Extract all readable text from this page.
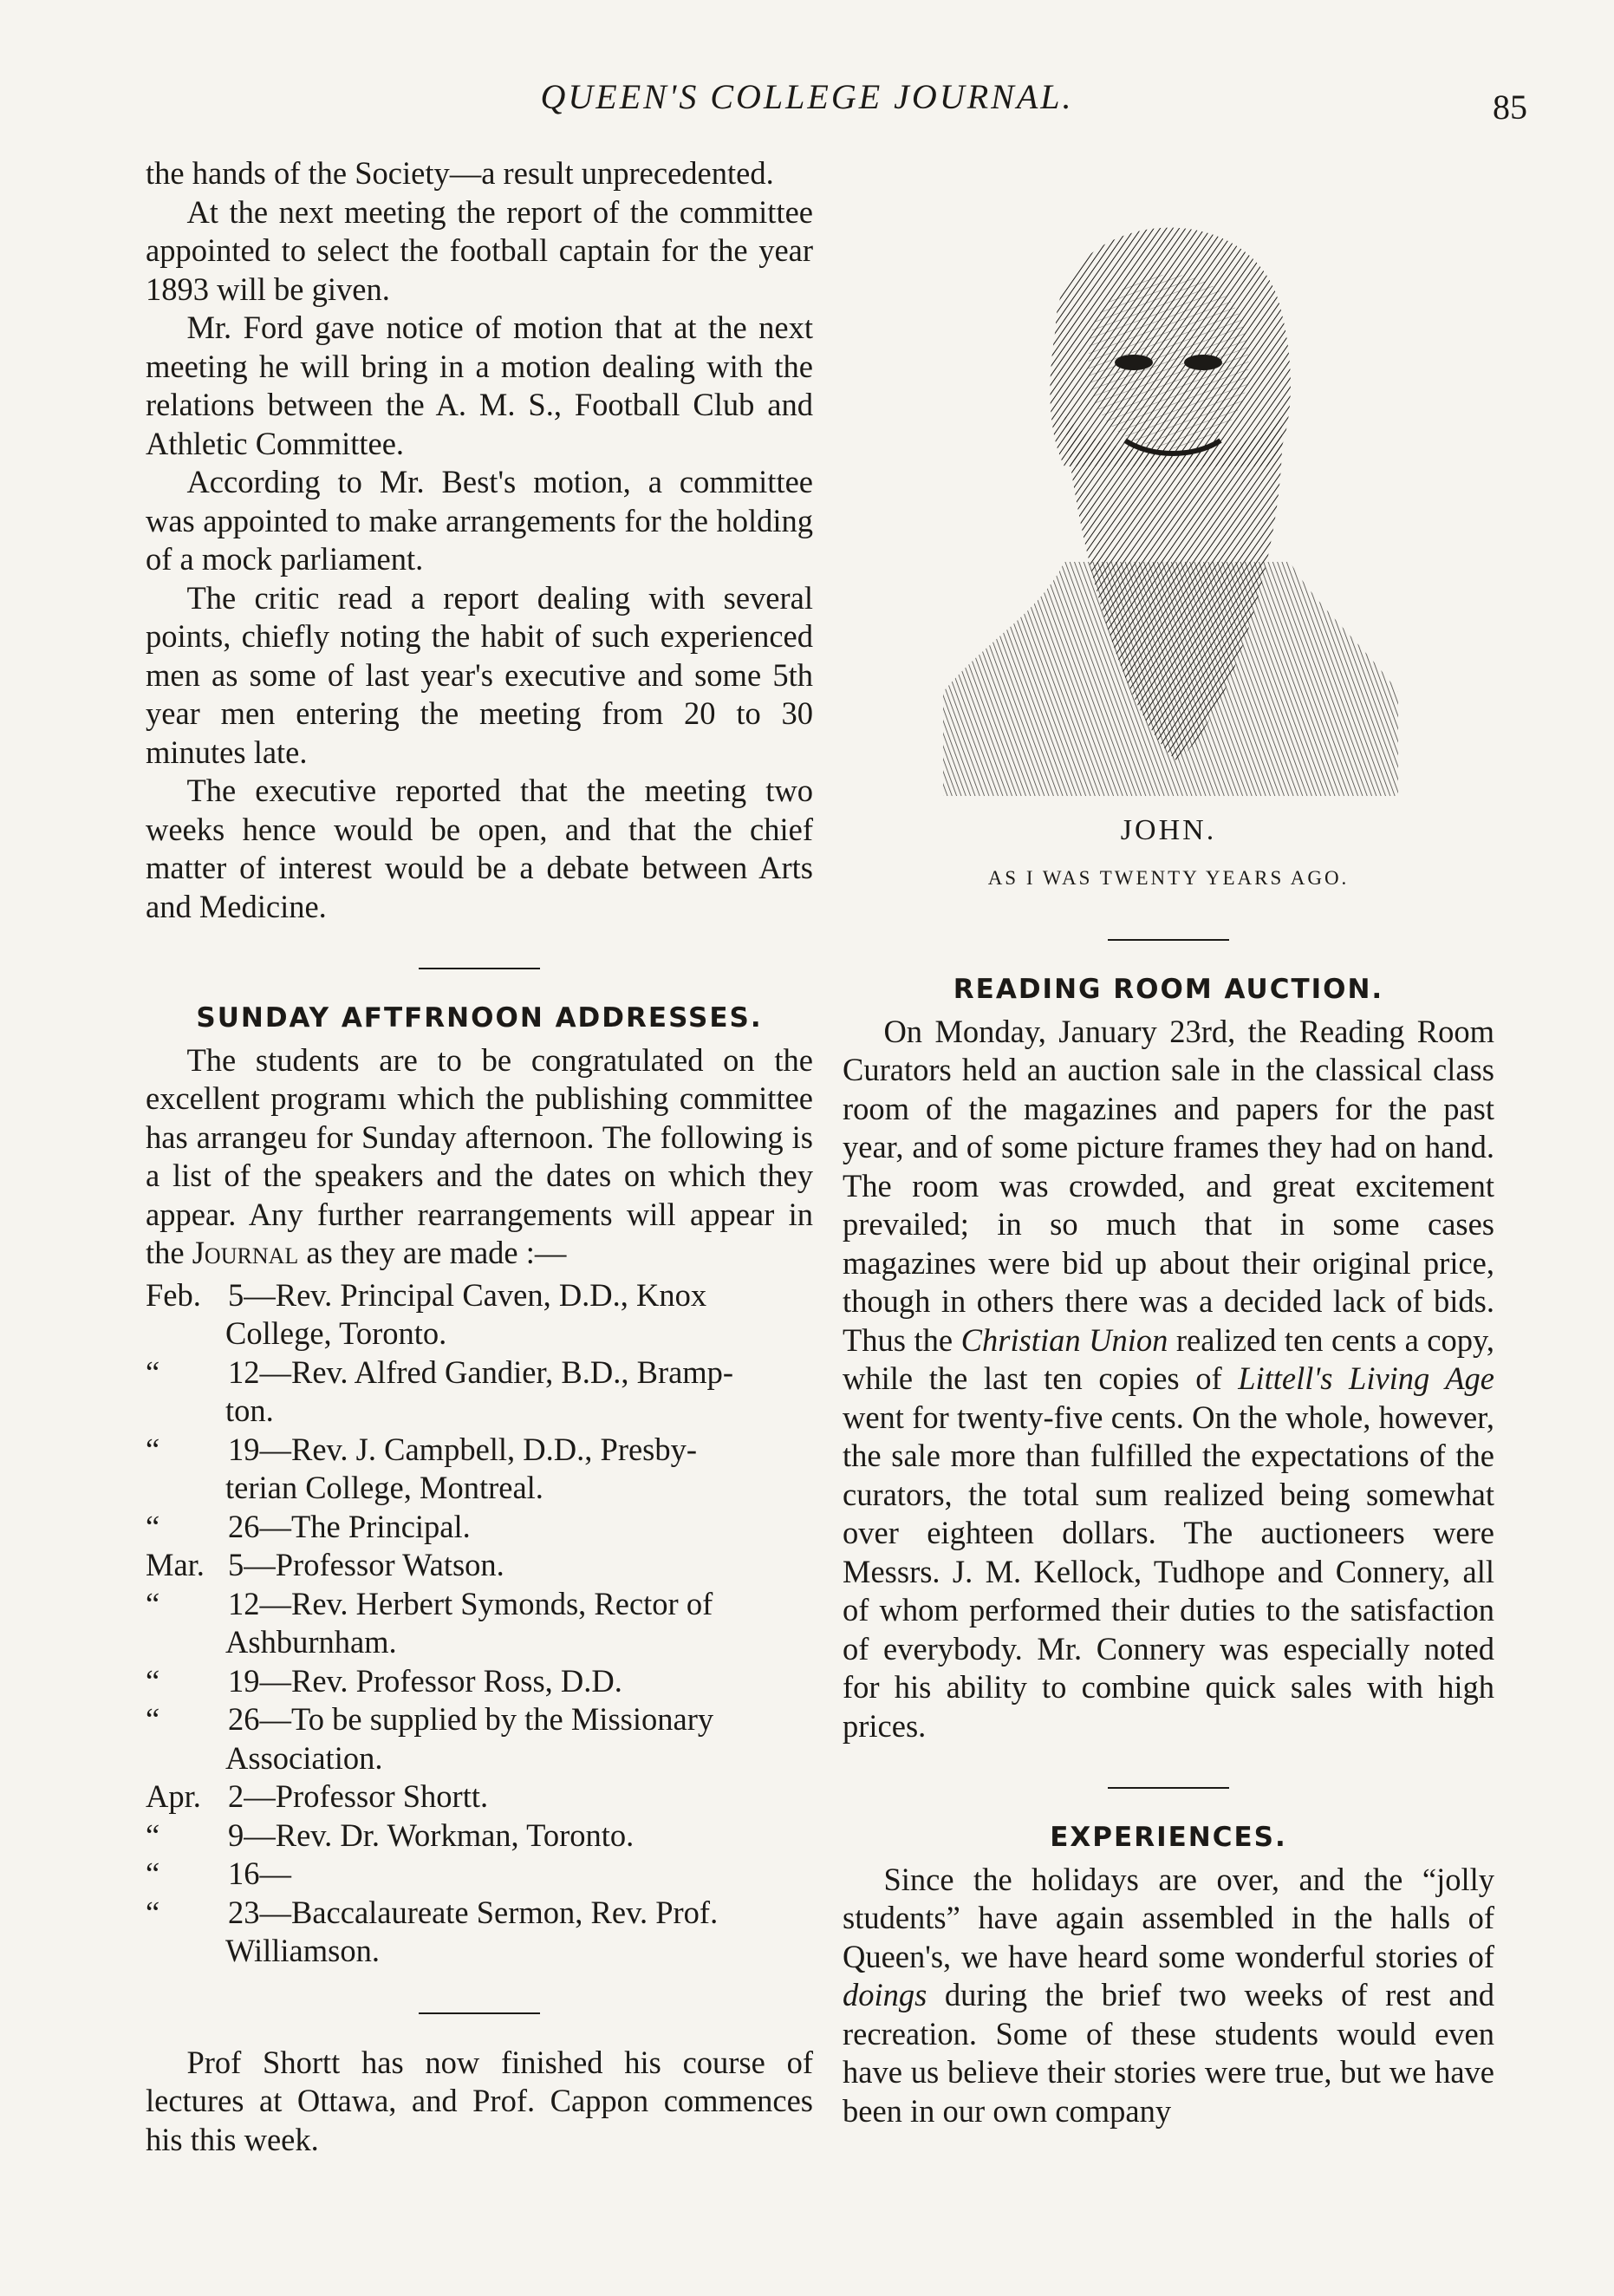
QUEEN'S COLLEGE JOURNAL.	85

the hands of the Society—a result unprecedented.

At the next meeting the report of the committee appointed to select the football captain for the year 1893 will be given.

Mr. Ford gave notice of motion that at the next meeting he will bring in a motion dealing with the relations between the A. M. S., Football Club and Athletic Committee.

According to Mr. Best's motion, a committee was appointed to make arrangements for the holding of a mock parliament.

The critic read a report dealing with several points, chiefly noting the habit of such experienced men as some of last year's executive and some 5th year men entering the meeting from 20 to 30 minutes late.

The executive reported that the meeting two weeks hence would be open, and that the chief matter of interest would be a debate between Arts and Medicine.

SUNDAY AFTFRNOON ADDRESSES.

The students are to be congratulated on the excellent programı which the publishing committee has arrangeu for Sunday afternoon. The following is a list of the speakers and the dates on which they appear. Any further rearrangements will appear in the Journal as they are made :—

Feb. 5—Rev. Principal Caven, D.D., Knox
College, Toronto.
“	12—Rev. Alfred Gandier, B.D., Bramp-
ton.
“	19—Rev. J. Campbell, D.D., Presby-
terian College, Montreal.
“	26—The Principal.
Mar. 5—Professor Watson.
“	12—Rev. Herbert Symonds, Rector of
Ashburnham.
“	19—Rev. Professor Ross, D.D.
“	26—To be supplied by the Missionary
Association.
Apr. 2—Professor Shortt.
“	9—Rev. Dr. Workman, Toronto.
“	16—
“	23—Baccalaureate Sermon, Rev. Prof.
Williamson.

Prof Shortt has now finished his course of lectures at Ottawa, and Prof. Cappon commences his this week.

JOHN.
AS I WAS TWENTY YEARS AGO.
READING ROOM AUCTION.

On Monday, January 23rd, the Reading Room Curators held an auction sale in the classical class room of the magazines and papers for the past year, and of some picture frames they had on hand. The room was crowded, and great excitement prevailed; in so much that in some cases magazines were bid up about their original price, though in others there was a decided lack of bids. Thus the Christian Union realized ten cents a copy, while the last ten copies of Littell's Living Age went for twenty-five cents. On the whole, however, the sale more than fulfilled the expectations of the curators, the total sum realized being somewhat over eighteen dollars. The auctioneers were Messrs. J. M. Kellock, Tudhope and Connery, all of whom performed their duties to the satisfaction of everybody. Mr. Connery was especially noted for his ability to combine quick sales with high prices.

EXPERIENCES.

Since the holidays are over, and the “jolly students” have again assembled in the halls of Queen's, we have heard some wonderful stories of doings during the brief two weeks of rest and recreation. Some of these students would even have us believe their stories were true, but we have been in our own company
